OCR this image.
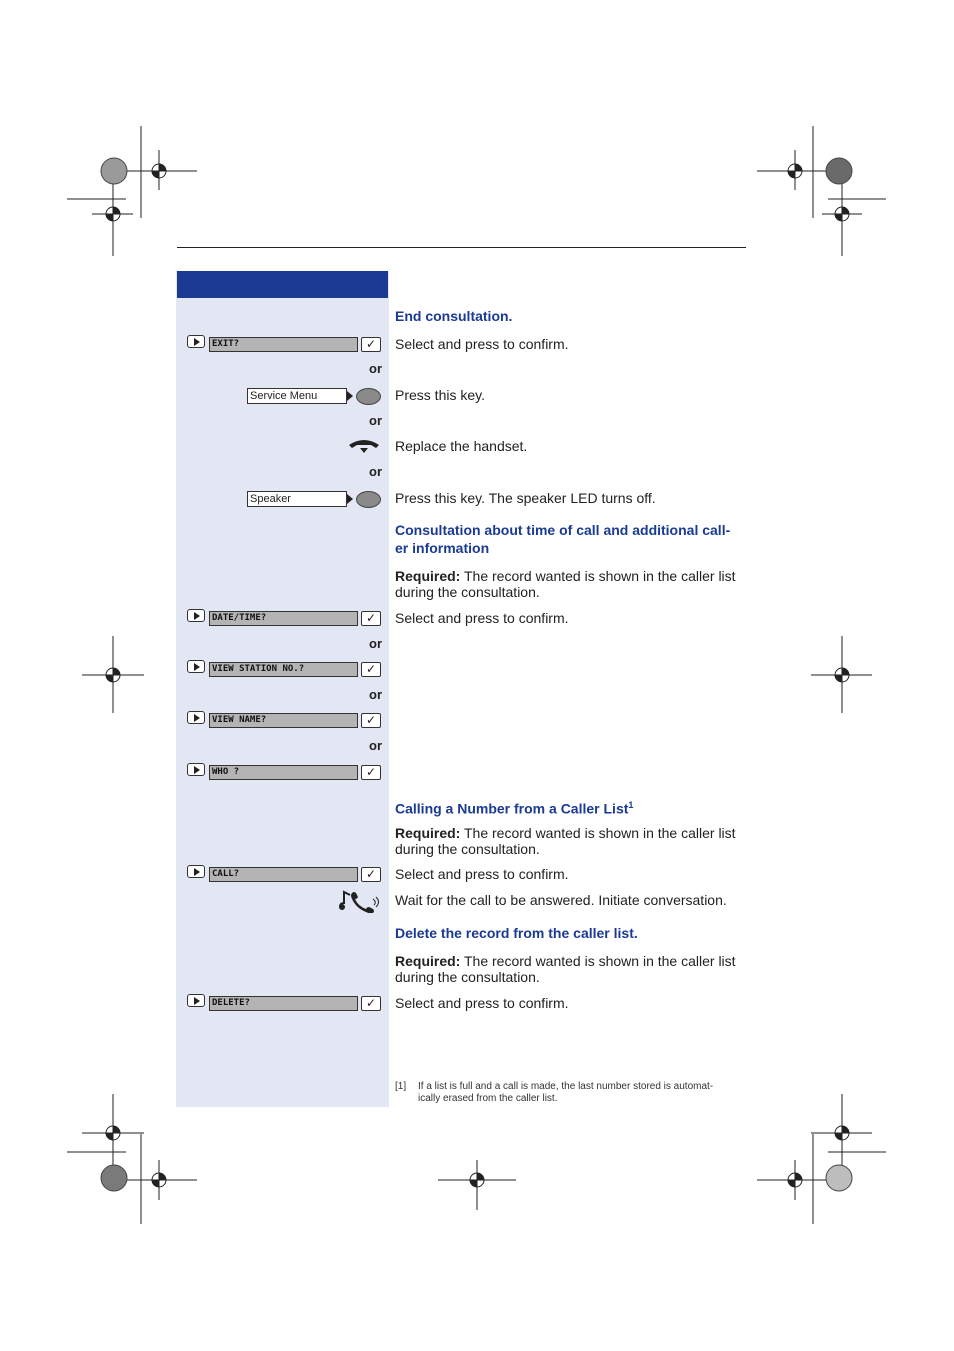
End consultation.
EXIT?	✓	Select and press to confirm.
or
Service Menu	Press this key.
or
Replace the handset.
or
Speaker	Press this key. The speaker LED turns off.
Consultation about time of call and additional call-
er information
Required: The record wanted is shown in the caller list
during the consultation.
DATE/TIME?	✓	Select and press to confirm.
or
VIEW STATION NO.?	✓
or
VIEW NAME?	✓
or
WHO ?	✓
Calling a Number from a Caller List$^1$
Required: The record wanted is shown in the caller list
during the consultation.
CALL?	✓	Select and press to confirm.
Wait for the call to be answered. Initiate conversation.
Delete the record from the caller list.
Required: The record wanted is shown in the caller list
during the consultation.
DELETE?	✓	Select and press to confirm.
[1] If a list is full and a call is made, the last number stored is automat-
ically erased from the caller list.
